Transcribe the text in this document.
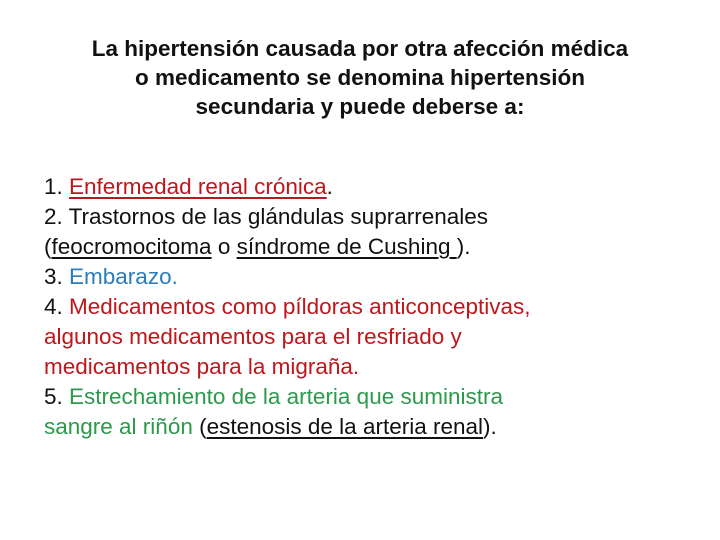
La hipertensión causada por otra afección médica
o medicamento se denomina hipertensión
secundaria y puede deberse a:

1. Enfermedad renal crónica.

2. Trastornos de las glándulas suprarrenales
(feocromocitoma o síndrome de Cushing ).

3. Embarazo.

4. Medicamentos como píldoras anticonceptivas,
algunos medicamentos para el resfriado y
medicamentos para la migraña.

5. Estrechamiento de la arteria que suministra
sangre al riñón (estenosis de la arteria renal).
